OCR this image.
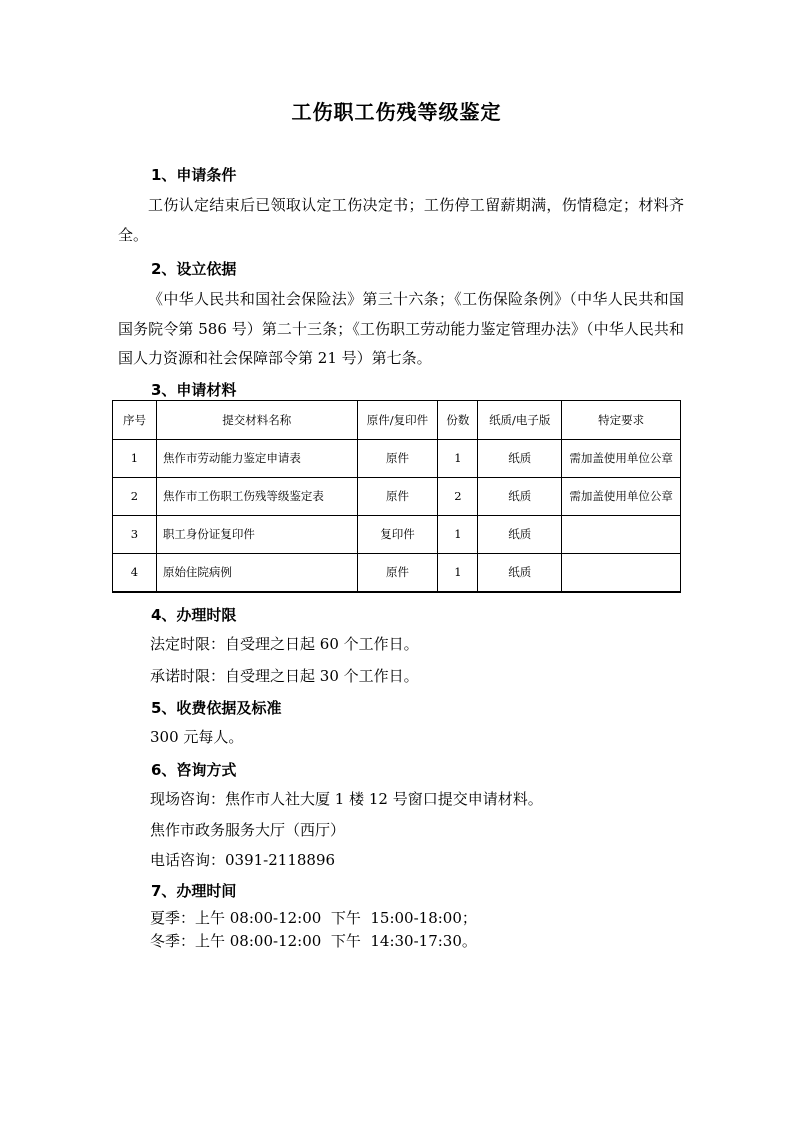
工伤职工伤残等级鉴定
1、申请条件
工伤认定结束后已领取认定工伤决定书；工伤停工留薪期满，伤情稳定；材料齐全。
2、设立依据
《中华人民共和国社会保险法》第三十六条；《工伤保险条例》（中华人民共和国国务院令第 586 号）第二十三条；《工伤职工劳动能力鉴定管理办法》（中华人民共和国人力资源和社会保障部令第 21 号）第七条。
3、申请材料
序号	提交材料名称	原件/复印件	份数	纸质/电子版	特定要求
1	焦作市劳动能力鉴定申请表	原件	1	纸质	需加盖使用单位公章
2	焦作市工伤职工伤残等级鉴定表	原件	2	纸质	需加盖使用单位公章
3	职工身份证复印件	复印件	1	纸质	
4	原始住院病例	原件	1	纸质	
4、办理时限
法定时限：自受理之日起 60 个工作日。
承诺时限：自受理之日起 30 个工作日。
5、收费依据及标准
300 元每人。
6、咨询方式
现场咨询：焦作市人社大厦 1 楼 12 号窗口提交申请材料。
焦作市政务服务大厅（西厅）
电话咨询：0391-2118896
7、办理时间
夏季：上午 08:00-12:00  下午  15:00-18:00；
冬季：上午 08:00-12:00  下午  14:30-17:30。
